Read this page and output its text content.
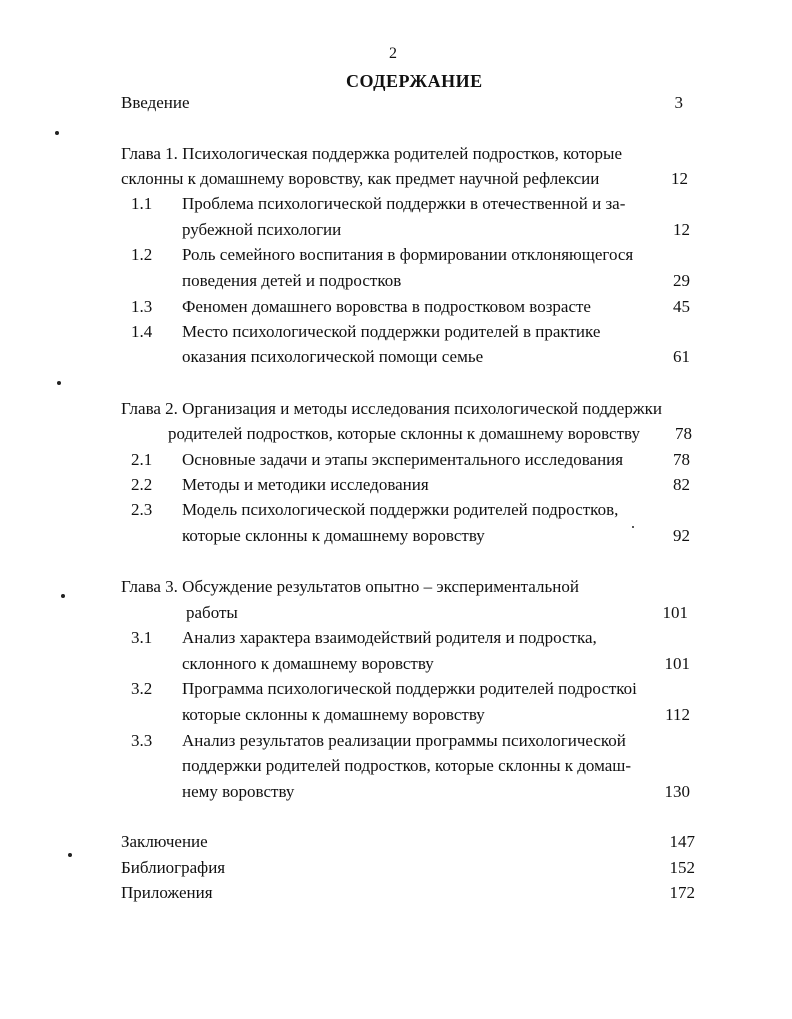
2
СОДЕРЖАНИЕ
Введение	3
Глава 1. Психологическая поддержка родителей подростков, которые
склонны к домашнему воровству, как предмет научной рефлексии	12
1.1 Проблема психологической поддержки в отечественной и за-
рубежной психологии	12
1.2 Роль семейного воспитания в формировании отклоняющегося
поведения детей и подростков	29
1.3 Феномен домашнего воровства в подростковом возрасте	45
1.4 Место психологической поддержки родителей в практике
оказания психологической помощи семье	61
Глава 2. Организация и методы исследования психологической поддержки
родителей подростков, которые склонны к домашнему воровству	78
2.1 Основные задачи и этапы экспериментального исследования	78
2.2 Методы и методики исследования	82
2.3 Модель психологической поддержки родителей подростков,
которые склонны к домашнему воровству	92
Глава 3. Обсуждение результатов опытно – экспериментальной
работы	101
3.1 Анализ характера взаимодействий родителя и подростка,
склонного к домашнему воровству	101
3.2 Программа психологической поддержки родителей подросткоі
которые склонны к домашнему воровству	112
3.3 Анализ результатов реализации программы психологической
поддержки родителей подростков, которые склонны к домаш-
нему воровству	130
Заключение	147
Библиография	152
Приложения	172
